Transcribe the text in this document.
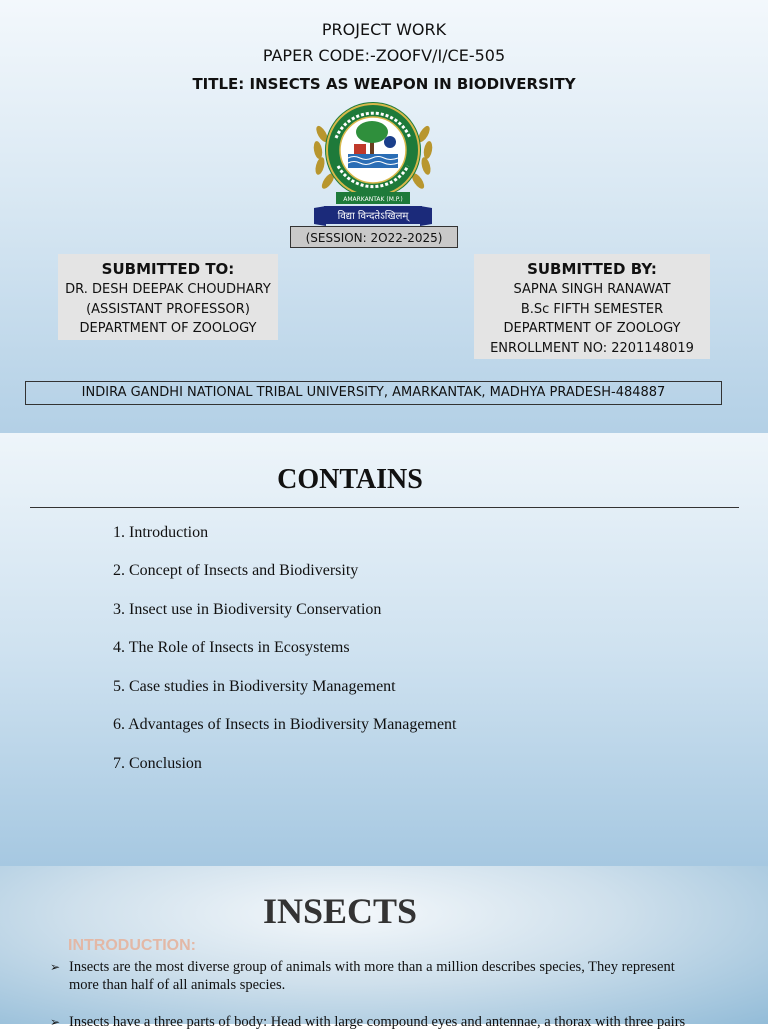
PROJECT WORK
PAPER CODE:-ZOOFV/I/CE-505
TITLE: INSECTS AS WEAPON IN BIODIVERSITY
AMARKANTAK (M.P.)
विद्या विन्दतेऽखिलम्
(SESSION: 2O22-2025)
SUBMITTED TO:
DR. DESH DEEPAK CHOUDHARY
(ASSISTANT PROFESSOR)
DEPARTMENT OF ZOOLOGY
SUBMITTED BY:
SAPNA SINGH RANAWAT
B.Sc FIFTH SEMESTER
DEPARTMENT OF ZOOLOGY
ENROLLMENT NO: 2201148019
INDIRA GANDHI NATIONAL TRIBAL UNIVERSITY, AMARKANTAK, MADHYA PRADESH-484887
CONTAINS
1. Introduction
2. Concept of Insects and Biodiversity
3. Insect use in Biodiversity Conservation
4. The Role of Insects in Ecosystems
5. Case studies in Biodiversity Management
6. Advantages of Insects in Biodiversity Management
7. Conclusion
INSECTS
INTRODUCTION:
➢ Insects are the most diverse group of animals with more than a million describes species, They represent more than half of all animals species.
➢ Insects have a three parts of body: Head with large compound eyes and antennae, a thorax with three pairs
